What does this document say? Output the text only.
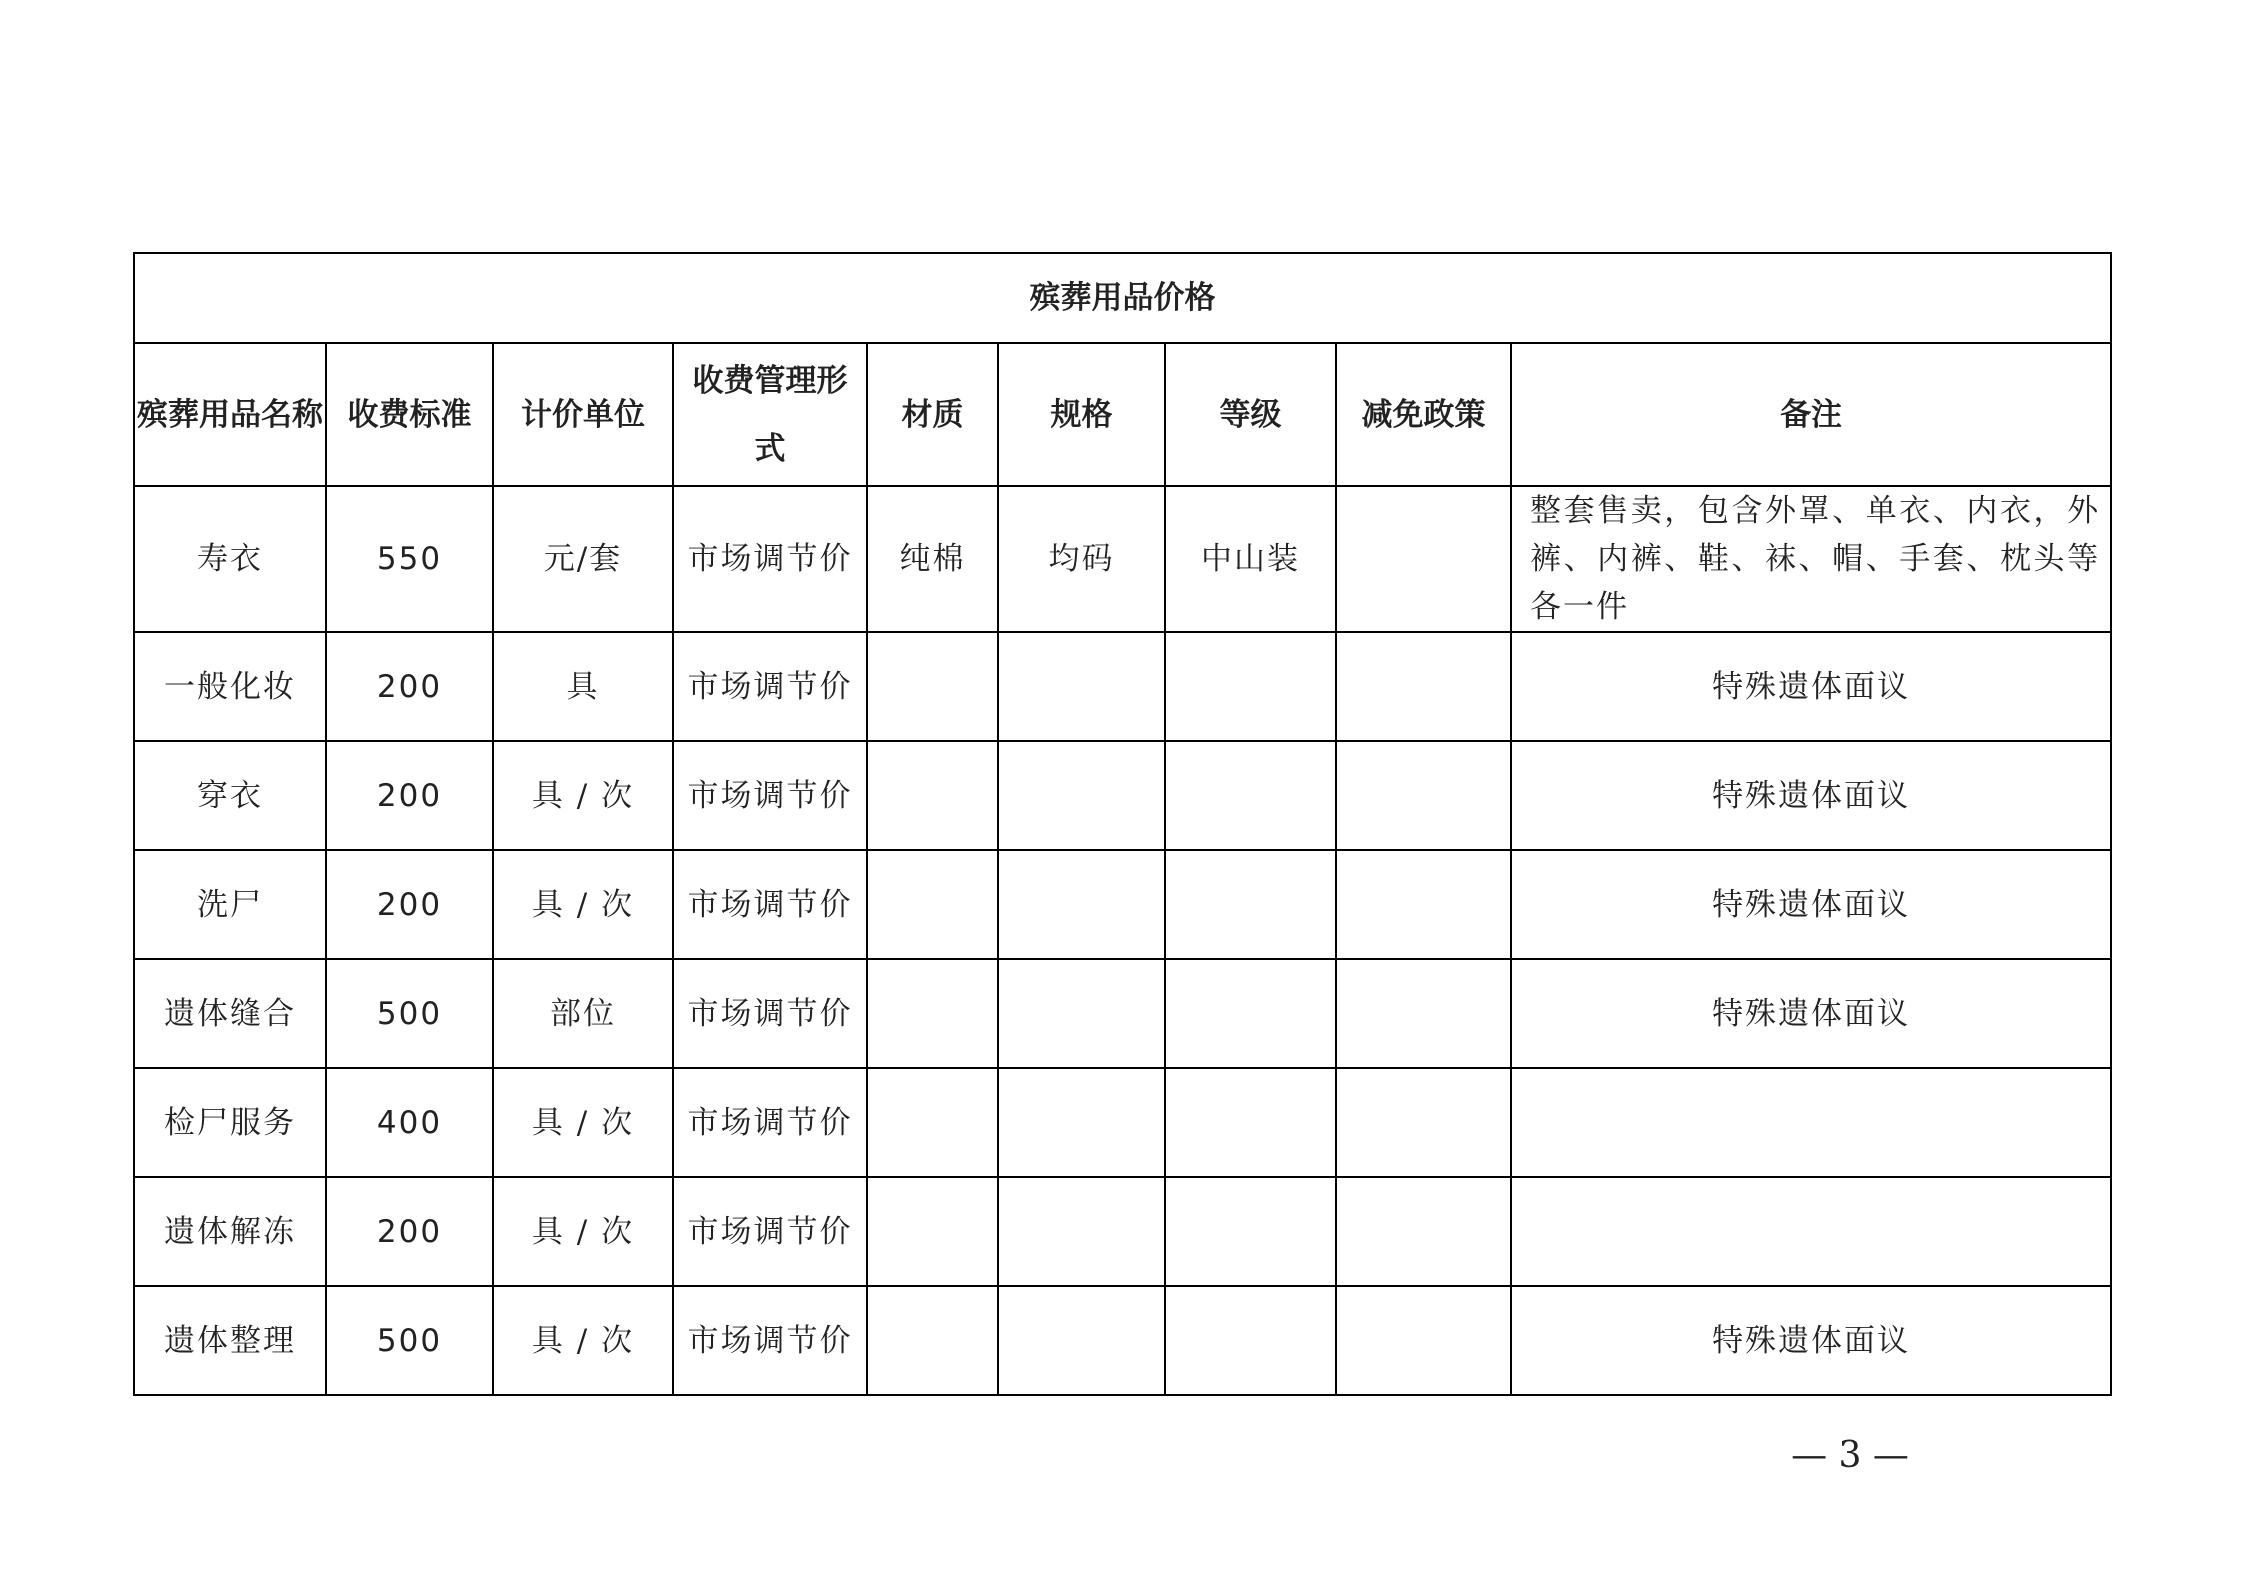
殡葬用品价格								
殡葬用品名称	收费标准	计价单位	收费管理形式	材质	规格	等级	减免政策	备注
寿衣	550	元/套	市场调节价	纯棉	均码	中山装		整套售卖，包含外罩、单衣、内衣，外裤、内裤、鞋、袜、帽、手套、枕头等各一件
一般化妆	200	具	市场调节价					特殊遗体面议
穿衣	200	具 / 次	市场调节价					特殊遗体面议
洗尸	200	具 / 次	市场调节价					特殊遗体面议
遗体缝合	500	部位	市场调节价					特殊遗体面议
检尸服务	400	具 / 次	市场调节价					
遗体解冻	200	具 / 次	市场调节价					
遗体整理	500	具 / 次	市场调节价					特殊遗体面议
— 3 —
